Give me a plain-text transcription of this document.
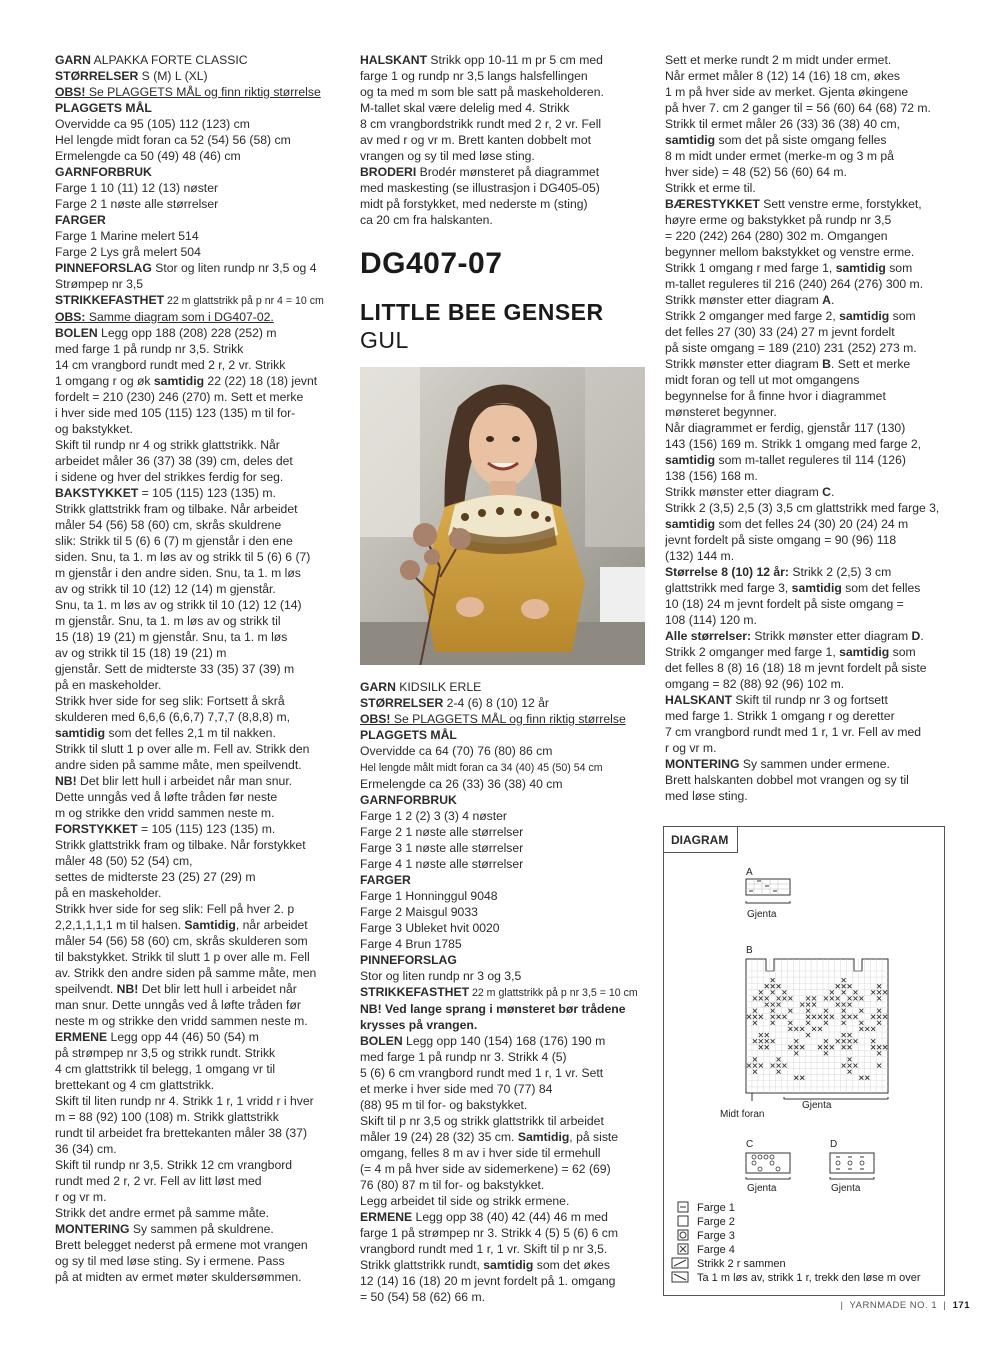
GARN ALPAKKA FORTE CLASSIC
STØRRELSER S (M) L (XL)
OBS! Se PLAGGETS MÅL og finn riktig størrelse
PLAGGETS MÅL
Overvidde ca 95 (105) 112 (123) cm
Hel lengde midt foran ca 52 (54) 56 (58) cm
Ermelengde ca 50 (49) 48 (46) cm
GARNFORBRUK
Farge 1 10 (11) 12 (13) nøster
Farge 2 1 nøste alle størrelser
FARGER
Farge 1 Marine melert 514
Farge 2 Lys grå melert 504
PINNEFORSLAG Stor og liten rundp nr 3,5 og 4
Strømpep nr 3,5
STRIKKEFASTHET 22 m glattstrikk på p nr 4 = 10 cm
OBS: Samme diagram som i DG407-02.
BOLEN Legg opp 188 (208) 228 (252) m
med farge 1 på rundp nr 3,5. Strikk
14 cm vrangbord rundt med 2 r, 2 vr. Strikk
1 omgang r og øk samtidig 22 (22) 18 (18) jevnt
fordelt = 210 (230) 246 (270) m. Sett et merke
i hver side med 105 (115) 123 (135) m til for-
og bakstykket.
Skift til rundp nr 4 og strikk glattstrikk. Når
arbeidet måler 36 (37) 38 (39) cm, deles det
i sidene og hver del strikkes ferdig for seg.
BAKSTYKKET = 105 (115) 123 (135) m.
Strikk glattstrikk fram og tilbake. Når arbeidet
måler 54 (56) 58 (60) cm, skrås skuldrene
slik: Strikk til 5 (6) 6 (7) m gjenstår i den ene
siden. Snu, ta 1. m løs av og strikk til 5 (6) 6 (7)
m gjenstår i den andre siden. Snu, ta 1. m løs
av og strikk til 10 (12) 12 (14) m gjenstår.
Snu, ta 1. m løs av og strikk til 10 (12) 12 (14)
m gjenstår. Snu, ta 1. m løs av og strikk til
15 (18) 19 (21) m gjenstår. Snu, ta 1. m løs
av og strikk til 15 (18) 19 (21) m
gjenstår. Sett de midterste 33 (35) 37 (39) m
på en maskeholder.
Strikk hver side for seg slik: Fortsett å skrå
skulderen med 6,6,6 (6,6,7) 7,7,7 (8,8,8) m,
samtidig som det felles 2,1 m til nakken.
Strikk til slutt 1 p over alle m. Fell av. Strikk den
andre siden på samme måte, men speilvendt.
NB! Det blir lett hull i arbeidet når man snur.
Dette unngås ved å løfte tråden før neste
m og strikke den vridd sammen neste m.
FORSTYKKET = 105 (115) 123 (135) m.
Strikk glattstrikk fram og tilbake. Når forstykket
måler 48 (50) 52 (54) cm,
settes de midterste 23 (25) 27 (29) m
på en maskeholder.
Strikk hver side for seg slik: Fell på hver 2. p
2,2,1,1,1,1 m til halsen. Samtidig, når arbeidet
måler 54 (56) 58 (60) cm, skrås skulderen som
til bakstykket. Strikk til slutt 1 p over alle m. Fell
av. Strikk den andre siden på samme måte, men
speilvendt. NB! Det blir lett hull i arbeidet når
man snur. Dette unngås ved å løfte tråden før
neste m og strikke den vridd sammen neste m.
ERMENE Legg opp 44 (46) 50 (54) m
på strømpep nr 3,5 og strikk rundt. Strikk
4 cm glattstrikk til belegg, 1 omgang vr til
brettekant og 4 cm glattstrikk.
Skift til liten rundp nr 4. Strikk 1 r, 1 vridd r i hver
m = 88 (92) 100 (108) m. Strikk glattstrikk
rundt til arbeidet fra brettekanten måler 38 (37)
36 (34) cm.
Skift til rundp nr 3,5. Strikk 12 cm vrangbord
rundt med 2 r, 2 vr. Fell av litt løst med
r og vr m.
Strikk det andre ermet på samme måte.
MONTERING Sy sammen på skuldrene.
Brett belegget nederst på ermene mot vrangen
og sy til med løse sting. Sy i ermene. Pass
på at midten av ermet møter skuldersømmen.
HALSKANT Strikk opp 10-11 m pr 5 cm med
farge 1 og rundp nr 3,5 langs halsfellingen
og ta med m som ble satt på maskeholderen.
M-tallet skal være delelig med 4. Strikk
8 cm vrangbordstrikk rundt med 2 r, 2 vr. Fell
av med r og vr m. Brett kanten dobbelt mot
vrangen og sy til med løse sting.
BRODERI Brodér mønsteret på diagrammet
med maskesting (se illustrasjon i DG405-05)
midt på forstykket, med nederste m (sting)
ca 20 cm fra halskanten.
DG407-07
LITTLE BEE GENSER
GUL
GARN KIDSILK ERLE
STØRRELSER 2-4 (6) 8 (10) 12 år
OBS! Se PLAGGETS MÅL og finn riktig størrelse
PLAGGETS MÅL
Overvidde ca 64 (70) 76 (80) 86 cm
Hel lengde målt midt foran ca 34 (40) 45 (50) 54 cm
Ermelengde ca 26 (33) 36 (38) 40 cm
GARNFORBRUK
Farge 1 2 (2) 3 (3) 4 nøster
Farge 2 1 nøste alle størrelser
Farge 3 1 nøste alle størrelser
Farge 4 1 nøste alle størrelser
FARGER
Farge 1 Honninggul 9048
Farge 2 Maisgul 9033
Farge 3 Ubleket hvit 0020
Farge 4 Brun 1785
PINNEFORSLAG
Stor og liten rundp nr 3 og 3,5
STRIKKEFASTHET 22 m glattstrikk på p nr 3,5 = 10 cm
NB! Ved lange sprang i mønsteret bør trådene
krysses på vrangen.
BOLEN Legg opp 140 (154) 168 (176) 190 m
med farge 1 på rundp nr 3. Strikk 4 (5)
5 (6) 6 cm vrangbord rundt med 1 r, 1 vr. Sett
et merke i hver side med 70 (77) 84
(88) 95 m til for- og bakstykket.
Skift til p nr 3,5 og strikk glattstrikk til arbeidet
måler 19 (24) 28 (32) 35 cm. Samtidig, på siste
omgang, felles 8 m av i hver side til ermehull
(= 4 m på hver side av sidemerkene) = 62 (69)
76 (80) 87 m til for- og bakstykket.
Legg arbeidet til side og strikk ermene.
ERMENE Legg opp 38 (40) 42 (44) 46 m med
farge 1 på strømpep nr 3. Strikk 4 (5) 5 (6) 6 cm
vrangbord rundt med 1 r, 1 vr. Skift til p nr 3,5.
Strikk glattstrikk rundt, samtidig som det økes
12 (14) 16 (18) 20 m jevnt fordelt på 1. omgang
= 50 (54) 58 (62) 66 m.
Sett et merke rundt 2 m midt under ermet.
Når ermet måler 8 (12) 14 (16) 18 cm, økes
1 m på hver side av merket. Gjenta økingene
på hver 7. cm 2 ganger til = 56 (60) 64 (68) 72 m.
Strikk til ermet måler 26 (33) 36 (38) 40 cm,
samtidig som det på siste omgang felles
8 m midt under ermet (merke-m og 3 m på
hver side) = 48 (52) 56 (60) 64 m.
Strikk et erme til.
BÆRESTYKKET Sett venstre erme, forstykket,
høyre erme og bakstykket på rundp nr 3,5
= 220 (242) 264 (280) 302 m. Omgangen
begynner mellom bakstykket og venstre erme.
Strikk 1 omgang r med farge 1, samtidig som
m-tallet reguleres til 216 (240) 264 (276) 300 m.
Strikk mønster etter diagram A.
Strikk 2 omganger med farge 2, samtidig som
det felles 27 (30) 33 (24) 27 m jevnt fordelt
på siste omgang = 189 (210) 231 (252) 273 m.
Strikk mønster etter diagram B. Sett et merke
midt foran og tell ut mot omgangens
begynnelse for å finne hvor i diagrammet
mønsteret begynner.
Når diagrammet er ferdig, gjenstår 117 (130)
143 (156) 169 m. Strikk 1 omgang med farge 2,
samtidig som m-tallet reguleres til 114 (126)
138 (156) 168 m.
Strikk mønster etter diagram C.
Strikk 2 (3,5) 2,5 (3) 3,5 cm glattstrikk med farge 3,
samtidig som det felles 24 (30) 20 (24) 24 m
jevnt fordelt på siste omgang = 90 (96) 118
(132) 144 m.
Størrelse 8 (10) 12 år: Strikk 2 (2,5) 3 cm
glattstrikk med farge 3, samtidig som det felles
10 (18) 24 m jevnt fordelt på siste omgang =
108 (114) 120 m.
Alle størrelser: Strikk mønster etter diagram D.
Strikk 2 omganger med farge 1, samtidig som
det felles 8 (8) 16 (18) 18 m jevnt fordelt på siste
omgang = 82 (88) 92 (96) 102 m.
HALSKANT Skift til rundp nr 3 og fortsett
med farge 1. Strikk 1 omgang r og deretter
7 cm vrangbord rundt med 1 r, 1 vr. Fell av med
r og vr m.
MONTERING Sy sammen under ermene.
Brett halskanten dobbel mot vrangen og sy til
med løse sting.
DIAGRAM
A
Gjenta
B
Midt foran
Gjenta
C
Gjenta
D
Gjenta
Farge 1
Farge 2
Farge 3
Farge 4
Strikk 2 r sammen
Ta 1 m løs av, strikk 1 r, trekk den løse m over
|  YARNMADE NO. 1  |  171
